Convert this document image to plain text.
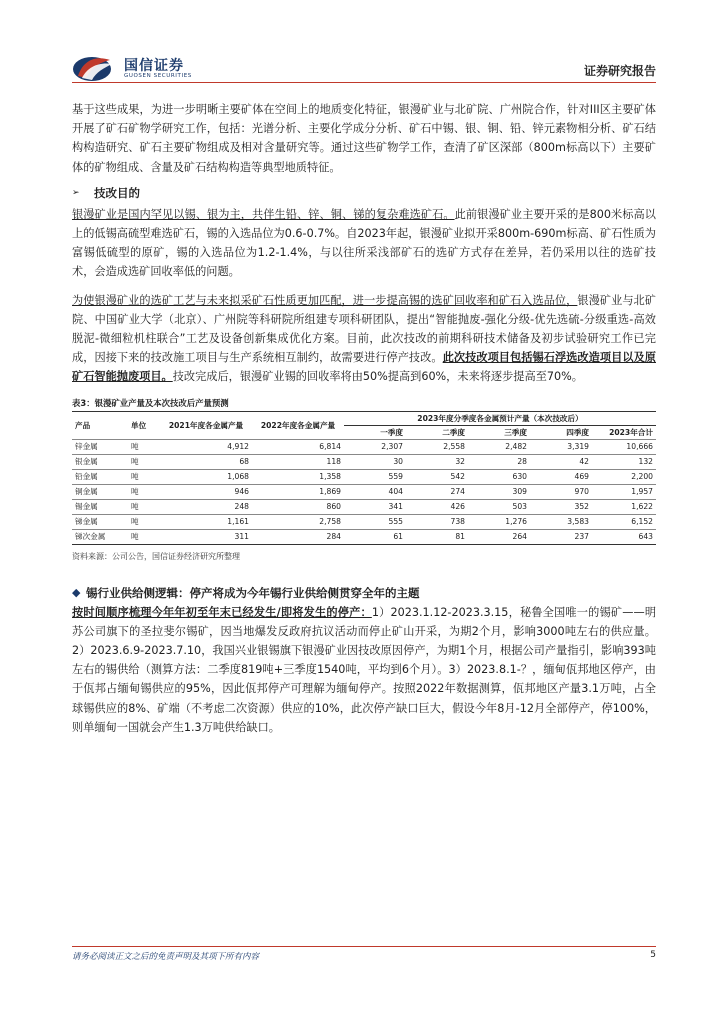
国信证券
GUOSEN SECURITIES	证券研究报告

基于这些成果，为进一步明晰主要矿体在空间上的地质变化特征，银漫矿业与北矿院、广州院合作，针对III区主要矿体开展了矿石矿物学研究工作，包括：光谱分析、主要化学成分分析、矿石中锡、银、铜、铅、锌元素物相分析、矿石结构构造研究、矿石主要矿物组成及相对含量研究等。通过这些矿物学工作，查清了矿区深部（800m标高以下）主要矿体的矿物组成、含量及矿石结构构造等典型地质特征。

➢	技改目的

银漫矿业是国内罕见以锡、银为主，共伴生铅、锌、铜、锑的复杂难选矿石。此前银漫矿业主要开采的是800米标高以上的低锡高硫型难选矿石，锡的入选品位为0.6-0.7%。自2023年起，银漫矿业拟开采800m-690m标高、矿石性质为富锡低硫型的原矿，锡的入选品位为1.2-1.4%，与以往所采浅部矿石的选矿方式存在差异，若仍采用以往的选矿技术，会造成选矿回收率低的问题。

为使银漫矿业的选矿工艺与未来拟采矿石性质更加匹配，进一步提高锡的选矿回收率和矿石入选品位，银漫矿业与北矿院、中国矿业大学（北京）、广州院等科研院所组建专项科研团队，提出“智能抛废-强化分级-优先选硫-分级重选-高效脱泥-微细粒机柱联合”工艺及设备创新集成优化方案。目前，此次技改的前期科研技术储备及初步试验研究工作已完成，因接下来的技改施工项目与生产系统相互制约，故需要进行停产技改。此次技改项目包括锡石浮选改造项目以及原矿石智能抛废项目。技改完成后，银漫矿业锡的回收率将由50%提高到60%，未来将逐步提高至70%。

表3：银漫矿业产量及本次技改后产量预测
产品	单位	2021年度各金属产量	2022年度各金属产量	2023年度分季度各金属预计产量（本次技改后）				
				一季度	二季度	三季度	四季度	2023年合计
锌金属	吨	4,912	6,814	2,307	2,558	2,482	3,319	10,666
银金属	吨	68	118	30	32	28	42	132
铅金属	吨	1,068	1,358	559	542	630	469	2,200
铜金属	吨	946	1,869	404	274	309	970	1,957
锡金属	吨	248	860	341	426	503	352	1,622
锑金属	吨	1,161	2,758	555	738	1,276	3,583	6,152
锑次金属	吨	311	284	61	81	264	237	643
资料来源：公司公告，国信证券经济研究所整理
◆ 锡行业供给侧逻辑：停产将成为今年锡行业供给侧贯穿全年的主题

按时间顺序梳理今年年初至年末已经发生/即将发生的停产：1）2023.1.12-2023.3.15，秘鲁全国唯一的锡矿——明苏公司旗下的圣拉斐尔锡矿，因当地爆发反政府抗议活动而停止矿山开采，为期2个月，影响3000吨左右的供应量。2）2023.6.9-2023.7.10，我国兴业银锡旗下银漫矿业因技改原因停产，为期1个月，根据公司产量指引，影响393吨左右的锡供给（测算方法：二季度819吨+三季度1540吨，平均到6个月）。3）2023.8.1-？，缅甸佤邦地区停产，由于佤邦占缅甸锡供应的95%，因此佤邦停产可理解为缅甸停产。按照2022年数据测算，佤邦地区产量3.1万吨，占全球锡供应的8%、矿端（不考虑二次资源）供应的10%，此次停产缺口巨大，假设今年8月-12月全部停产，停100%，则单缅甸一国就会产生1.3万吨供给缺口。

请务必阅读正文之后的免责声明及其项下所有内容	5
